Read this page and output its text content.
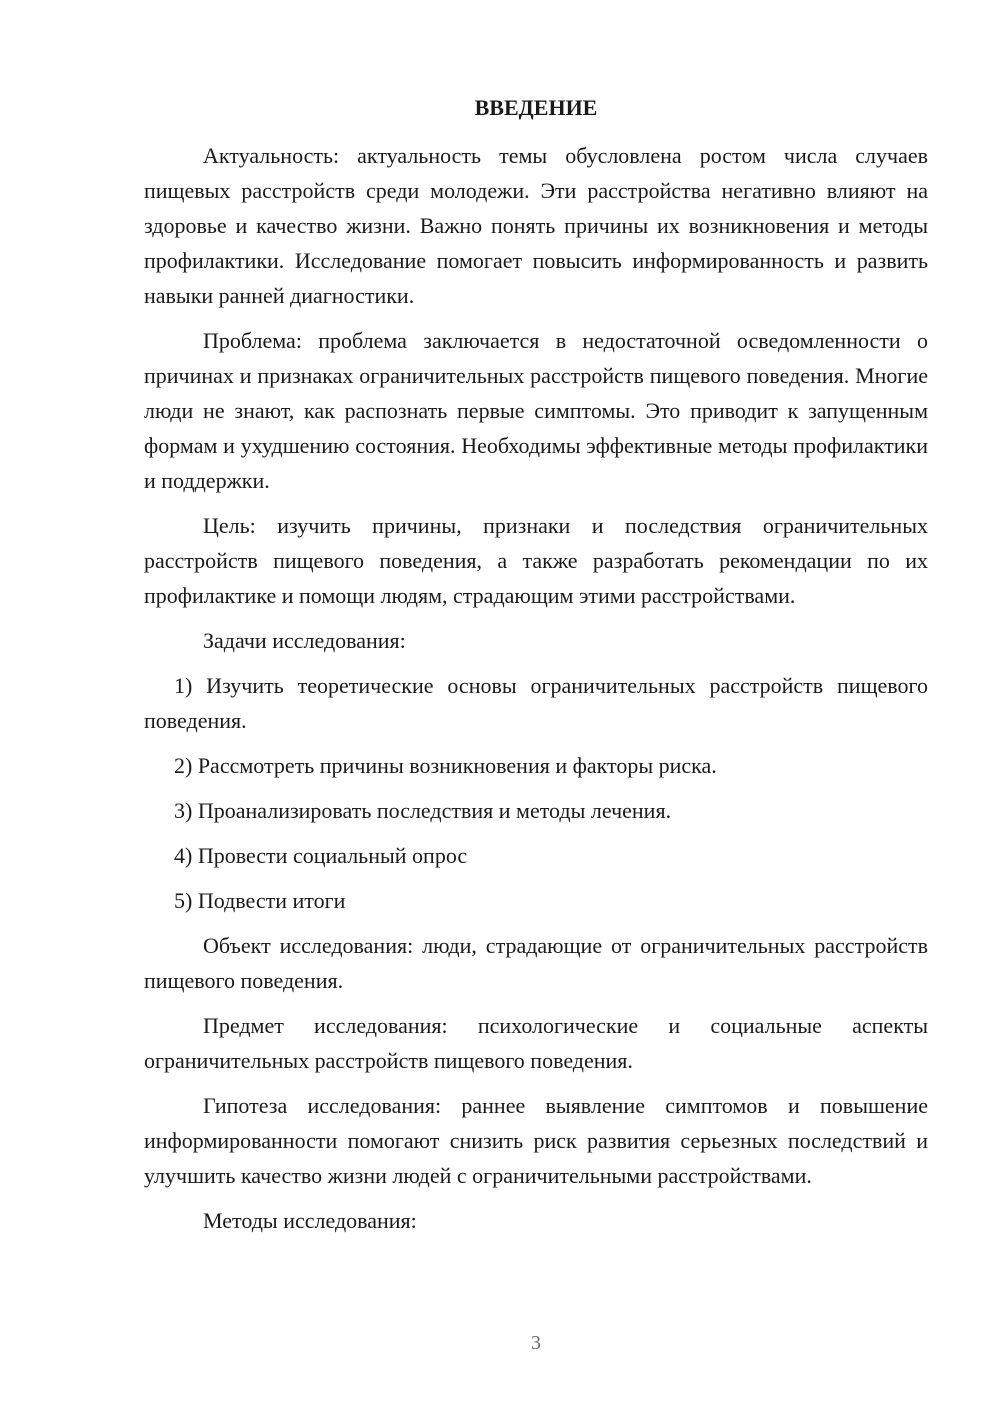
ВВЕДЕНИЕ

Актуальность: актуальность темы обусловлена ростом числа случаев пищевых расстройств среди молодежи. Эти расстройства негативно влияют на здоровье и качество жизни. Важно понять причины их возникновения и методы профилактики. Исследование помогает повысить информированность и развить навыки ранней диагностики.

Проблема: проблема заключается в недостаточной осведомленности о причинах и признаках ограничительных расстройств пищевого поведения. Многие люди не знают, как распознать первые симптомы. Это приводит к запущенным формам и ухудшению состояния. Необходимы эффективные методы профилактики и поддержки.

Цель: изучить причины, признаки и последствия ограничительных расстройств пищевого поведения, а также разработать рекомендации по их профилактике и помощи людям, страдающим этими расстройствами.

Задачи исследования:

1) Изучить теоретические основы ограничительных расстройств пищевого поведения.

2) Рассмотреть причины возникновения и факторы риска.

3) Проанализировать последствия и методы лечения.

4) Провести социальный опрос

5) Подвести итоги

Объект исследования: люди, страдающие от ограничительных расстройств пищевого поведения.

Предмет исследования: психологические и социальные аспекты ограничительных расстройств пищевого поведения.

Гипотеза исследования: раннее выявление симптомов и повышение информированности помогают снизить риск развития серьезных последствий и улучшить качество жизни людей с ограничительными расстройствами.

Методы исследования:

3
